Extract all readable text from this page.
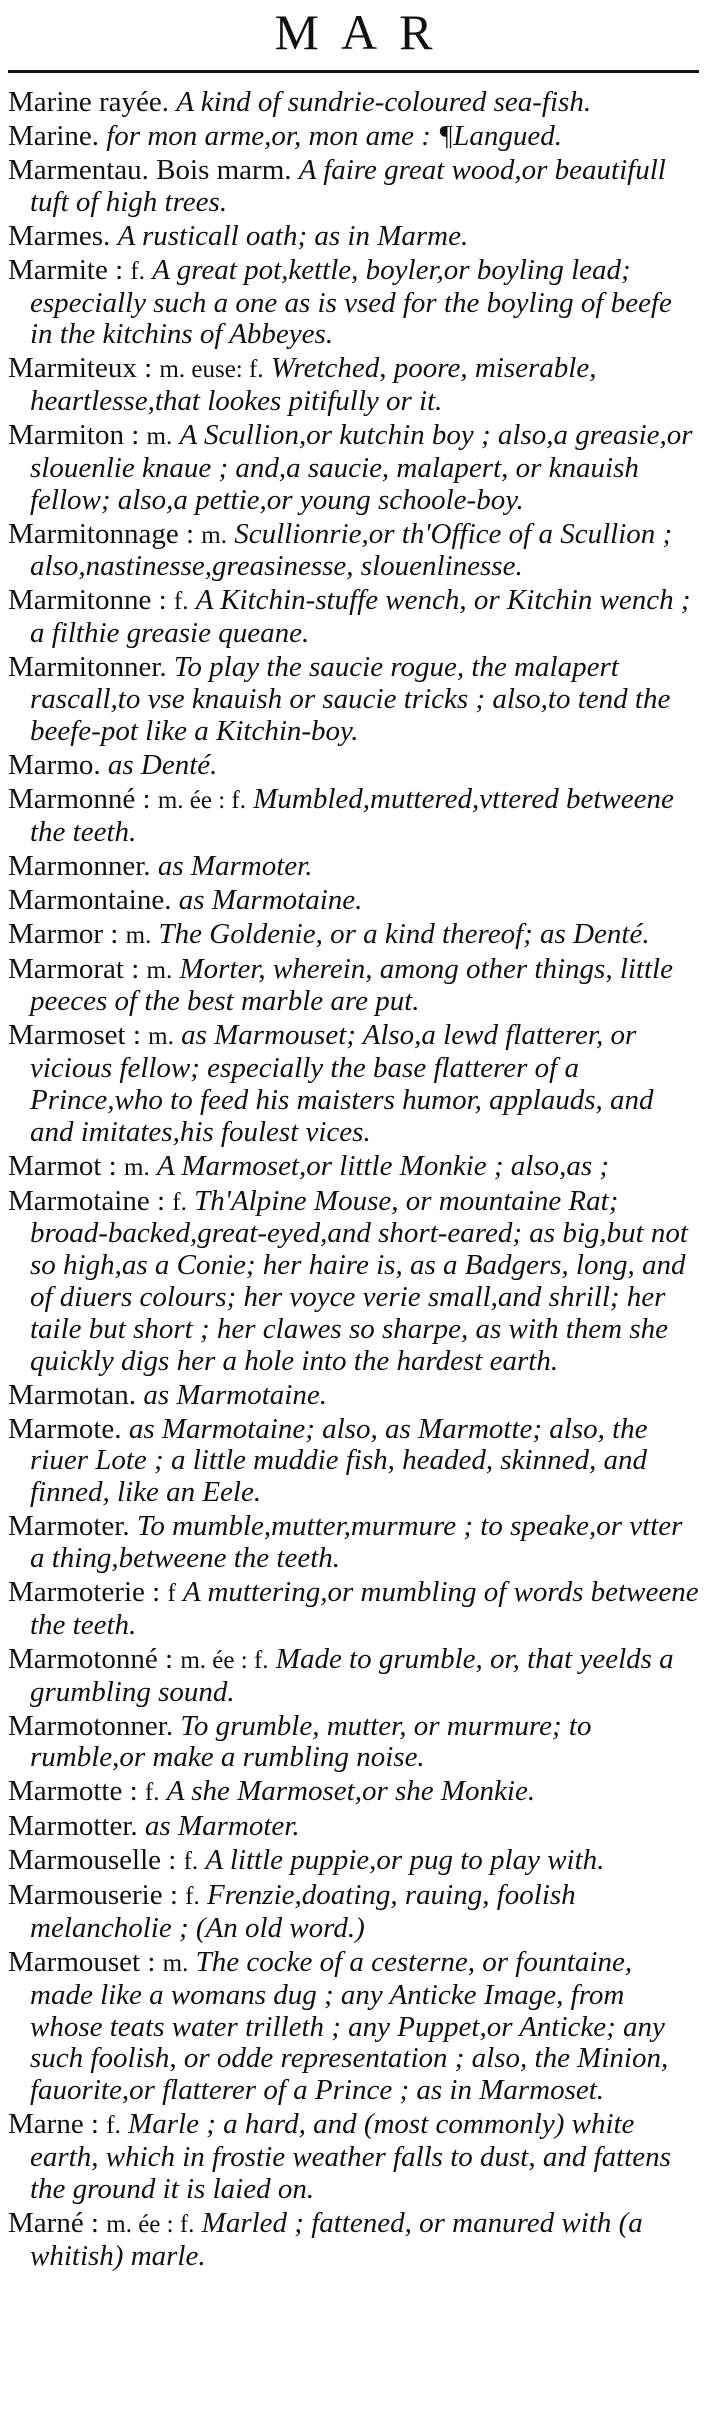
MAR

Marine rayée. A kind of sundrie-coloured sea-fish.

Marine. for mon arme,or, mon ame : ¶Langued.

Marmentau. Bois marm. A faire great wood,or beautifull tuft of high trees.

Marmes. A rusticall oath; as in Marme.

Marmite : f. A great pot,kettle, boyler,or boyling lead; especially such a one as is vsed for the boyling of beefe in the kitchins of Abbeyes.

Marmiteux : m. euse: f. Wretched, poore, miserable, heartlesse,that lookes pitifully or it.

Marmiton : m. A Scullion,or kutchin boy ; also,a greasie,or slouenlie knaue ; and,a saucie, malapert, or knauish fellow; also,a pettie,or young schoole-boy.

Marmitonnage : m. Scullionrie,or th'Office of a Scullion ; also,nastinesse,greasinesse, slouenlinesse.

Marmitonne : f. A Kitchin-stuffe wench, or Kitchin wench ; a filthie greasie queane.

Marmitonner. To play the saucie rogue, the malapert rascall,to vse knauish or saucie tricks ; also,to tend the beefe-pot like a Kitchin-boy.

Marmo. as Denté.

Marmonné : m. ée : f. Mumbled,muttered,vttered betweene the teeth.

Marmonner. as Marmoter.

Marmontaine. as Marmotaine.

Marmor : m. The Goldenie, or a kind thereof; as Denté.

Marmorat : m. Morter, wherein, among other things, little peeces of the best marble are put.

Marmoset : m. as Marmouset; Also,a lewd flatterer, or vicious fellow; especially the base flatterer of a Prince,who to feed his maisters humor, applauds, and and imitates,his foulest vices.

Marmot : m. A Marmoset,or little Monkie ; also,as ;

Marmotaine : f. Th'Alpine Mouse, or mountaine Rat; broad-backed,great-eyed,and short-eared; as big,but not so high,as a Conie; her haire is, as a Badgers, long, and of diuers colours; her voyce verie small,and shrill; her taile but short ; her clawes so sharpe, as with them she quickly digs her a hole into the hardest earth.

Marmotan. as Marmotaine.

Marmote. as Marmotaine; also, as Marmotte; also, the riuer Lote ; a little muddie fish, headed, skinned, and finned, like an Eele.

Marmoter. To mumble,mutter,murmure ; to speake,or vtter a thing,betweene the teeth.

Marmoterie : f A muttering,or mumbling of words betweene the teeth.

Marmotonné : m. ée : f. Made to grumble, or, that yeelds a grumbling sound.

Marmotonner. To grumble, mutter, or murmure; to rumble,or make a rumbling noise.

Marmotte : f. A she Marmoset,or she Monkie.

Marmotter. as Marmoter.

Marmouselle : f. A little puppie,or pug to play with.

Marmouserie : f. Frenzie,doating, rauing, foolish melancholie ; (An old word.)

Marmouset : m. The cocke of a cesterne, or fountaine, made like a womans dug ; any Anticke Image, from whose teats water trilleth ; any Puppet,or Anticke; any such foolish, or odde representation ; also, the Minion, fauorite,or flatterer of a Prince ; as in Marmoset.

Marne : f. Marle ; a hard, and (most commonly) white earth, which in frostie weather falls to dust, and fattens the ground it is laied on.

Marné : m. ée : f. Marled ; fattened, or manured with (a whitish) marle.
